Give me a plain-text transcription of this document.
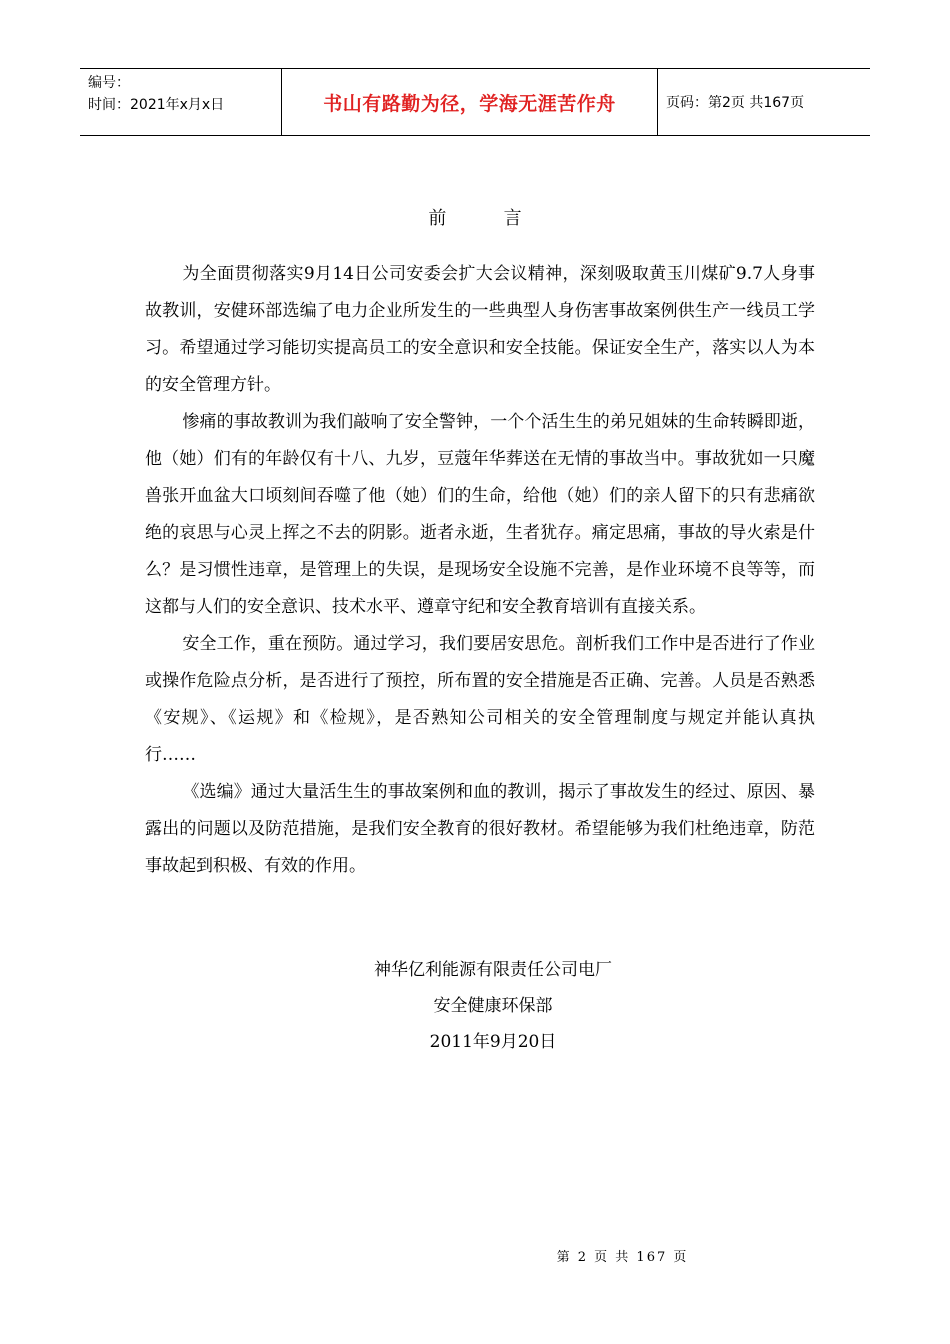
编号：
时间：2021年x月x日	书山有路勤为径，学海无涯苦作舟	页码：第2页 共167页
前          言

为全面贯彻落实9月14日公司安委会扩大会议精神，深刻吸取黄玉川煤矿9.7人身事故教训，安健环部选编了电力企业所发生的一些典型人身伤害事故案例供生产一线员工学习。希望通过学习能切实提高员工的安全意识和安全技能。保证安全生产，落实以人为本的安全管理方针。

惨痛的事故教训为我们敲响了安全警钟，一个个活生生的弟兄姐妹的生命转瞬即逝，他（她）们有的年龄仅有十八、九岁，豆蔻年华葬送在无情的事故当中。事故犹如一只魔兽张开血盆大口顷刻间吞噬了他（她）们的生命，给他（她）们的亲人留下的只有悲痛欲绝的哀思与心灵上挥之不去的阴影。逝者永逝，生者犹存。痛定思痛，事故的导火索是什么？是习惯性违章，是管理上的失误，是现场安全设施不完善，是作业环境不良等等，而这都与人们的安全意识、技术水平、遵章守纪和安全教育培训有直接关系。

安全工作，重在预防。通过学习，我们要居安思危。剖析我们工作中是否进行了作业或操作危险点分析，是否进行了预控，所布置的安全措施是否正确、完善。人员是否熟悉《安规》、《运规》和《检规》，是否熟知公司相关的安全管理制度与规定并能认真执行……

《选编》通过大量活生生的事故案例和血的教训，揭示了事故发生的经过、原因、暴露出的问题以及防范措施，是我们安全教育的很好教材。希望能够为我们杜绝违章，防范事故起到积极、有效的作用。

神华亿利能源有限责任公司电厂
安全健康环保部
2011年9月20日
第 2 页 共 167 页
